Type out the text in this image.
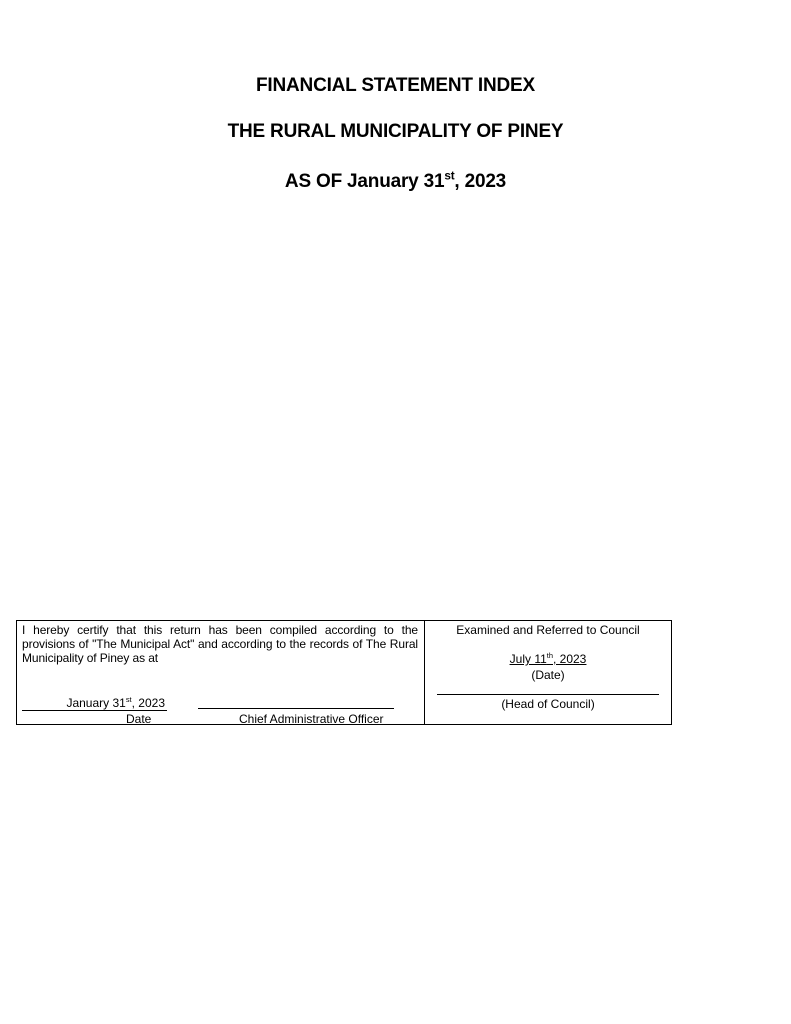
FINANCIAL STATEMENT INDEX
THE RURAL MUNICIPALITY OF PINEY
AS OF January 31st, 2023
I hereby certify that this return has been compiled according to the provisions of "The Municipal Act" and according to the records of The Rural Municipality of Piney as at
January 31st, 2023
Date	Chief Administrative Officer
Examined and Referred to Council
July 11th, 2023
(Date)
(Head of Council)
